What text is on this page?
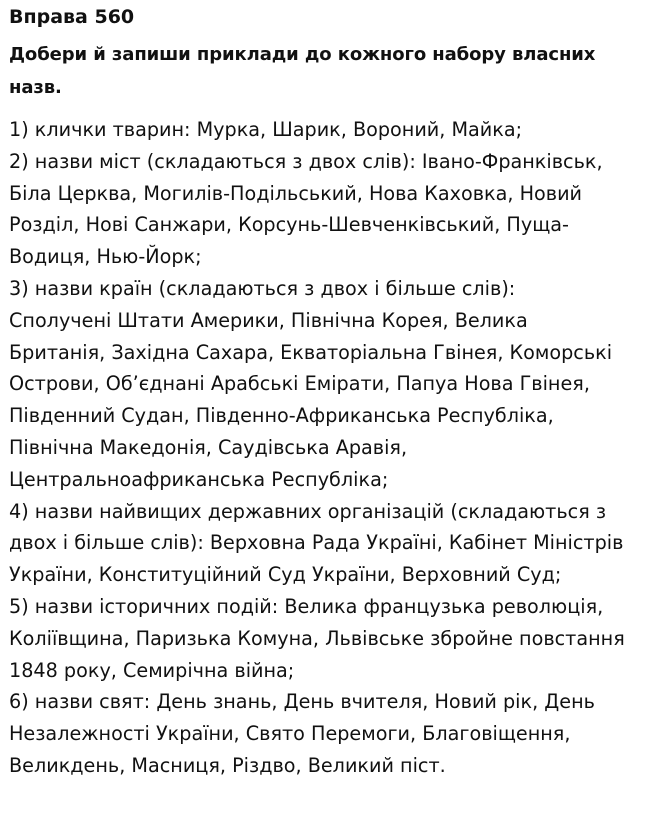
Вправа 560
Добери й запиши приклади до кожного набору власних
назв.
1) клички тварин: Мурка, Шарик, Вороний, Майка;
2) назви міст (складаються з двох слів): Івано-Франківськ,
Біла Церква, Могилів-Подільський, Нова Каховка, Новий
Розділ, Нові Санжари, Корсунь-Шевченківський, Пуща-
Водиця, Нью-Йорк;
3) назви країн (складаються з двох і більше слів):
Сполучені Штати Америки, Північна Корея, Велика
Британія, Західна Сахара, Екваторіальна Гвінея, Коморські
Острови, Об’єднані Арабські Емірати, Папуа Нова Гвінея,
Південний Судан, Південно-Африканська Республіка,
Північна Македонія, Саудівська Аравія,
Центральноафриканська Республіка;
4) назви найвищих державних організацій (складаються з
двох і більше слів): Верховна Рада Україні, Кабінет Міністрів
України, Конституційний Суд України, Верховний Суд;
5) назви історичних подій: Велика французька революція,
Коліївщина, Паризька Комуна, Львівське збройне повстання
1848 року, Семирічна війна;
6) назви свят: День знань, День вчителя, Новий рік, День
Незалежності України, Свято Перемоги, Благовіщення,
Великдень, Масниця, Різдво, Великий піст.
